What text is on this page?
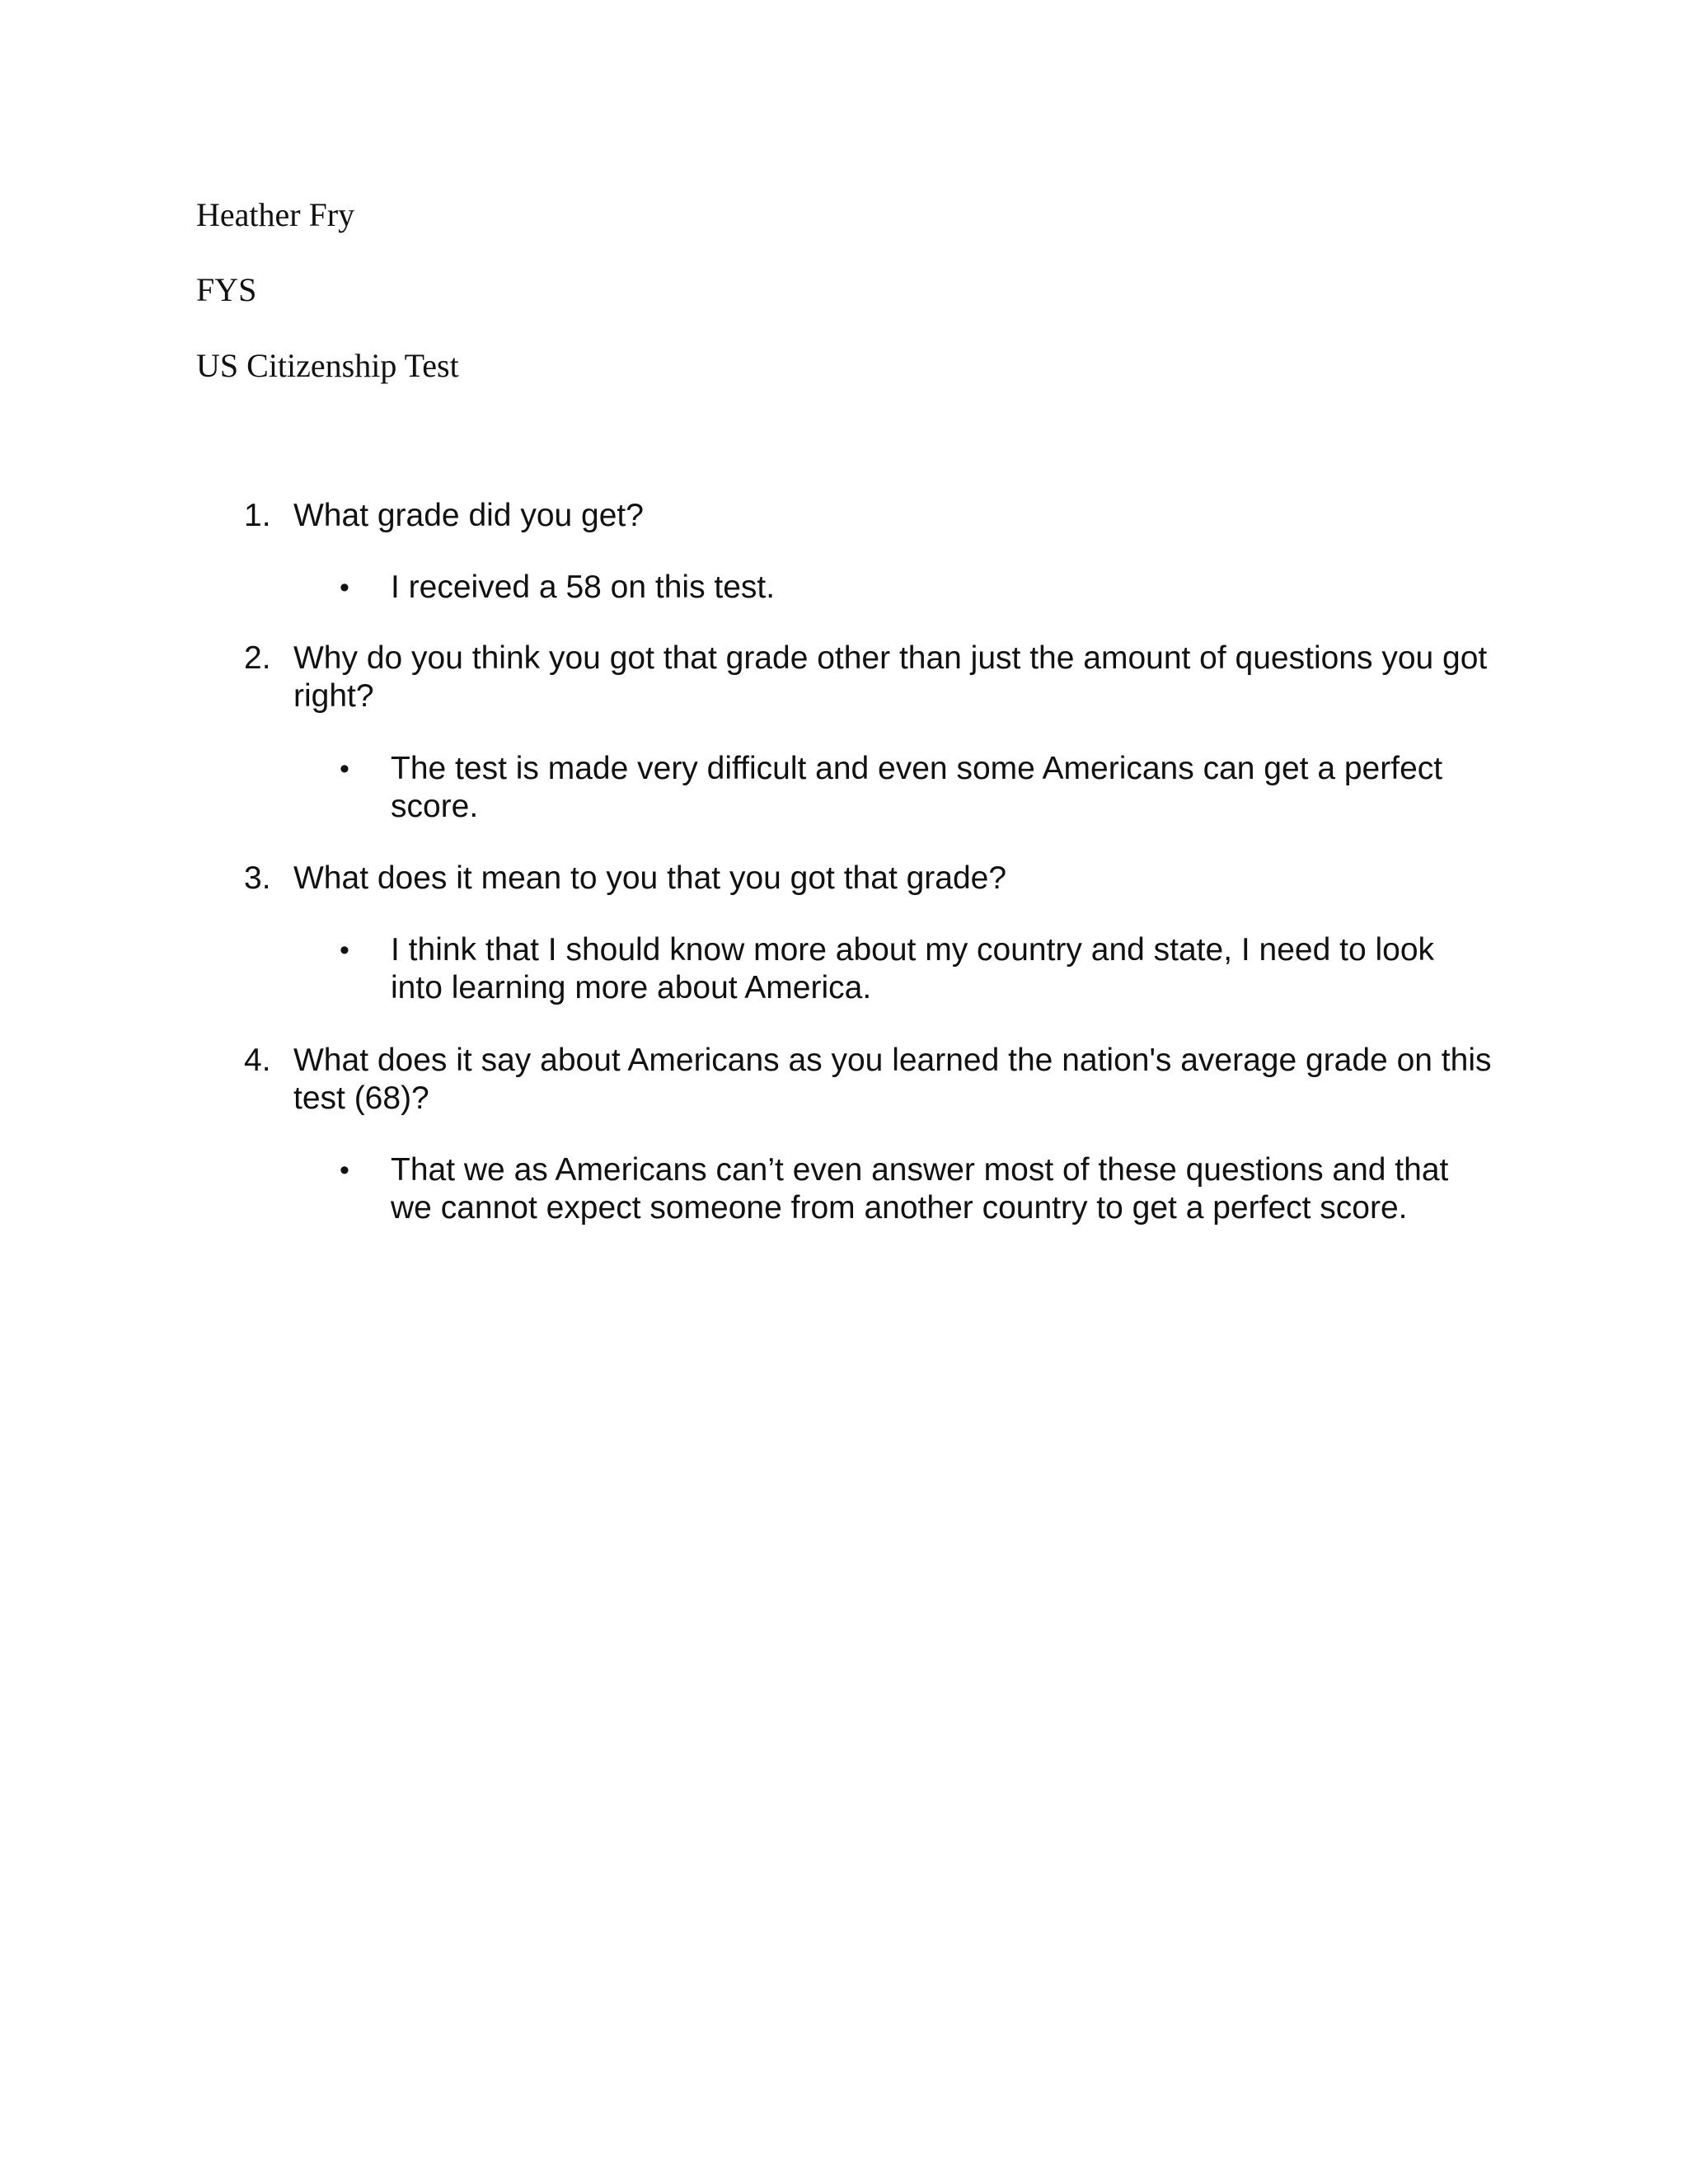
Heather Fry
FYS
US Citizenship Test
1. What grade did you get?
•	I received a 58 on this test.
2. Why do you think you got that grade other than just the amount of questions you got right?
•	The test is made very difficult and even some Americans can get a perfect score.
3. What does it mean to you that you got that grade?
•	I think that I should know more about my country and state, I need to look into learning more about America.
4. What does it say about Americans as you learned the nation's average grade on this test (68)?
•	That we as Americans can’t even answer most of these questions and that we cannot expect someone from another country to get a perfect score.
